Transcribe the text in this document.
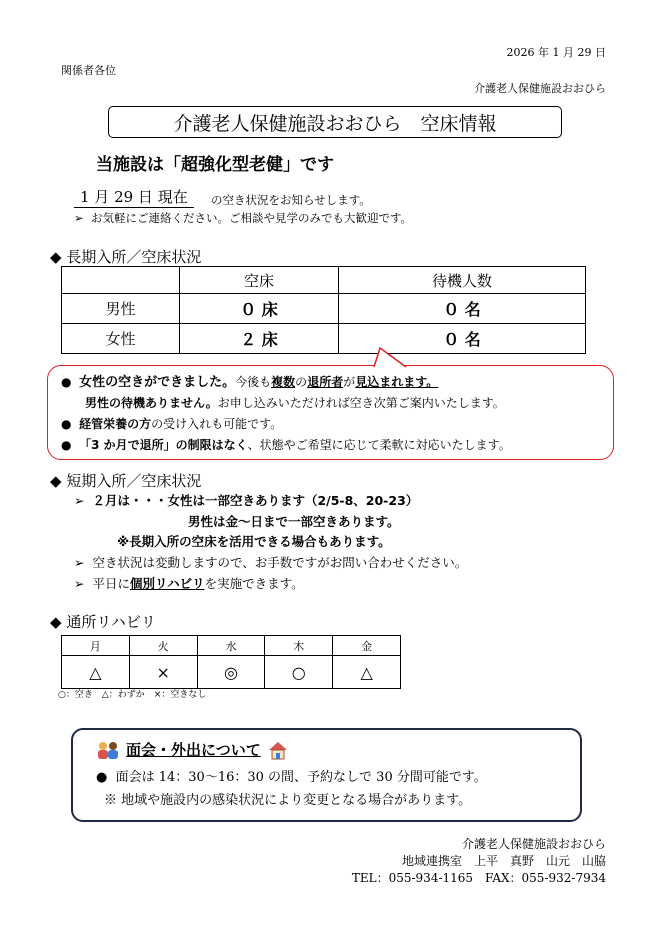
2026 年 1 月 29 日
関係者各位
介護老人保健施設おおひら
介護老人保健施設おおひら　空床情報
当施設は「超強化型老健」です
1 月 29 日 現在	の空き状況をお知らせします。
➢ お気軽にご連絡ください。ご相談や見学のみでも大歓迎です。
◆ 長期入所／空床状況
	空床	待機人数
男性	０ 床	０ 名
女性	２ 床	０ 名
● 女性の空きができました。今後も複数の退所者が見込まれます。
男性の待機ありません。お申し込みいただければ空き次第ご案内いたします。
● 経管栄養の方の受け入れも可能です。
● 「3 か月で退所」の制限はなく、状態やご希望に応じて柔軟に対応いたします。
◆ 短期入所／空床状況
➢ ２月は・・・女性は一部空きあります（2/5-8、20-23）
男性は金～日まで一部空きあります。
※長期入所の空床を活用できる場合もあります。
➢ 空き状況は変動しますので、お手数ですがお問い合わせください。
➢ 平日に個別リハビリを実施できます。
◆ 通所リハビリ
月	火	水	木	金
△	×	◎	○	△
○：空き　△：わずか　×：空きなし
面会・外出について
● 面会は 14：30～16：30 の間、予約なしで 30 分間可能です。
※ 地域や施設内の感染状況により変更となる場合があります。
介護老人保健施設おおひら
地域連携室　上平　真野　山元　山脇
TEL：055-934-1165　FAX：055-932-7934
